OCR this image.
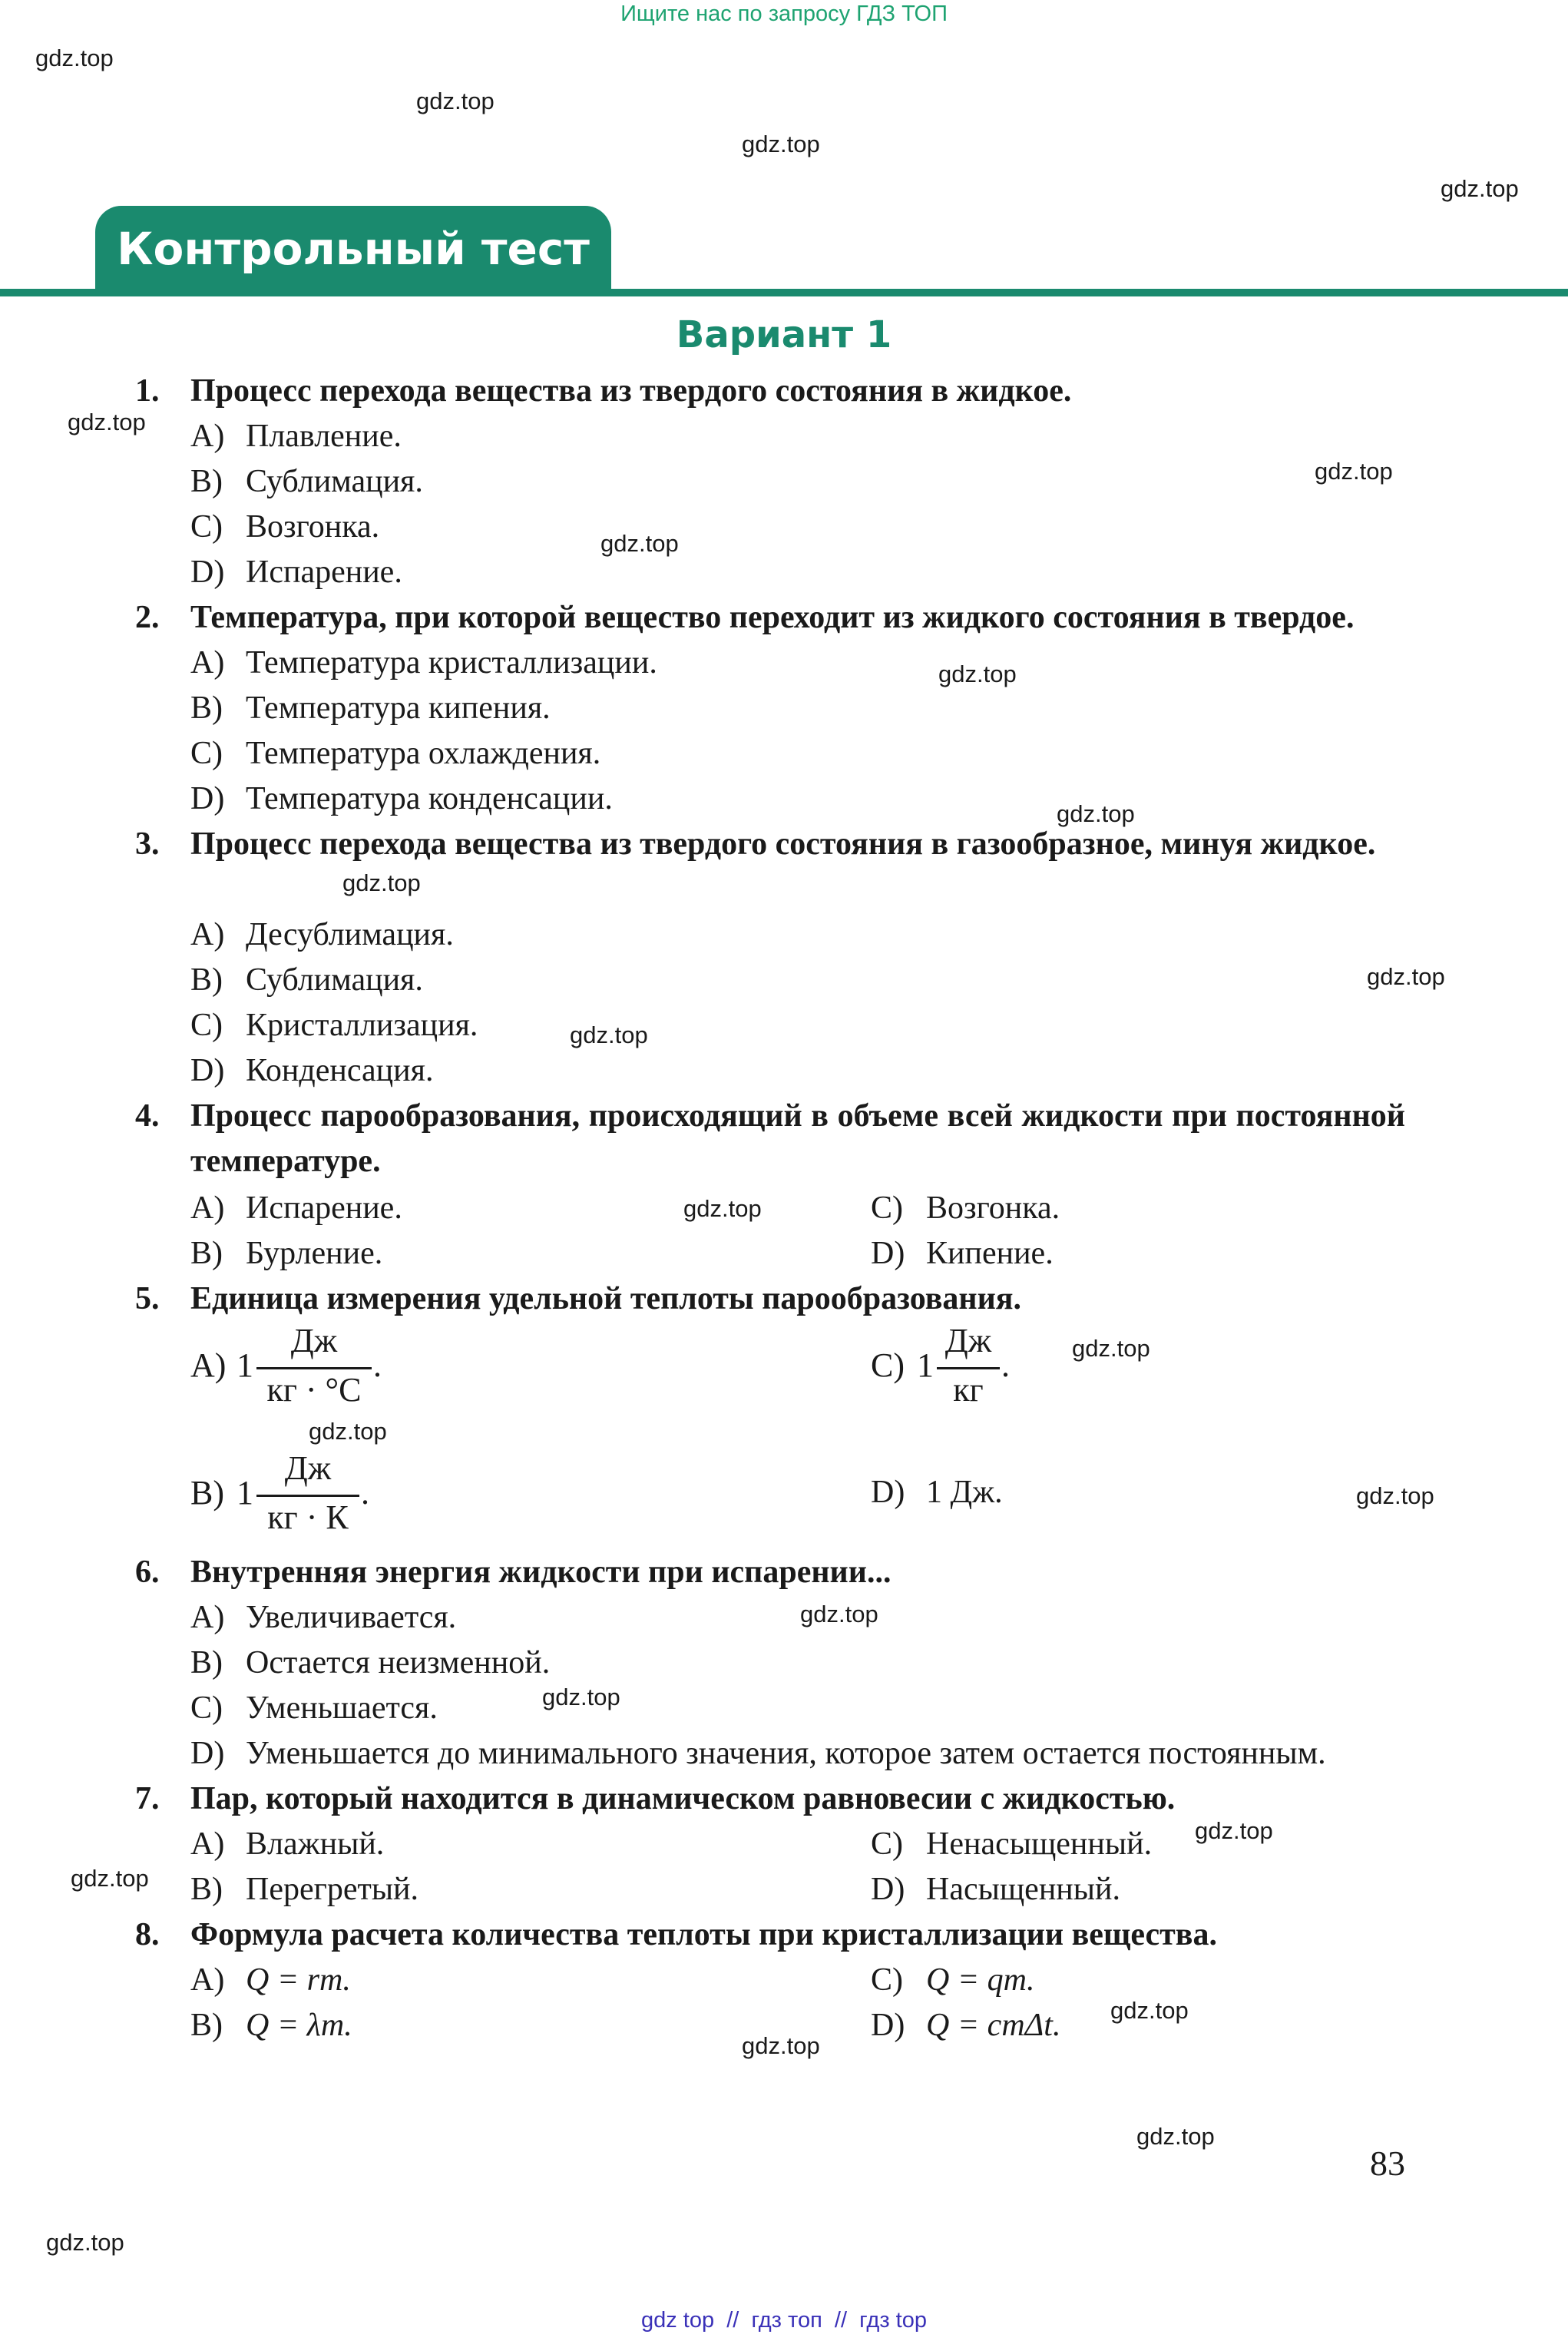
Ищите нас по запросу ГДЗ ТОП
gdz.top
gdz.top
gdz.top
gdz.top
gdz.top
gdz.top
gdz.top
gdz.top
gdz.top
gdz.top
gdz.top
gdz.top
gdz.top
gdz.top
gdz.top
gdz.top
gdz.top
gdz.top
gdz.top
gdz.top
gdz.top
gdz.top
gdz.top
gdz.top
Контрольный тест
Вариант 1
1. Процесс перехода вещества из твердого состояния в жидкое.
A) Плавление.
B) Сублимация.
C) Возгонка.
D) Испарение.
2. Температура, при которой вещество переходит из жидкого состояния в твердое.
A) Температура кристаллизации.
B) Температура кипения.
C) Температура охлаждения.
D) Температура конденсации.
3. Процесс перехода вещества из твердого состояния в газообразное, минуя жидкое.
A) Десублимация.
B) Сублимация.
C) Кристаллизация.
D) Конденсация.
4. Процесс парообразования, происходящий в объеме всей жидкости при постоянной температуре.
A) Испарение.
B) Бурление.
C) Возгонка.
D) Кипение.
5. Единица измерения удельной теплоты парообразования.
A) 1
Дж
кг · °С
.	C) 1
Дж
кг
.
B) 1
Дж
кг · К
.	D) 1 Дж.
6. Внутренняя энергия жидкости при испарении...
A) Увеличивается.
B) Остается неизменной.
C) Уменьшается.
D) Уменьшается до минимального значения, которое затем остается постоянным.
7. Пар, который находится в динамическом равновесии с жидкостью.
A) Влажный.
B) Перегретый.
C) Ненасыщенный.
D) Насыщенный.
8. Формула расчета количества теплоты при кристаллизации вещества.
A) Q = rm.
B) Q = λm.
C) Q = qm.
D) Q = cmΔt.
83
gdz top  //  гдз топ  //  гдз top
